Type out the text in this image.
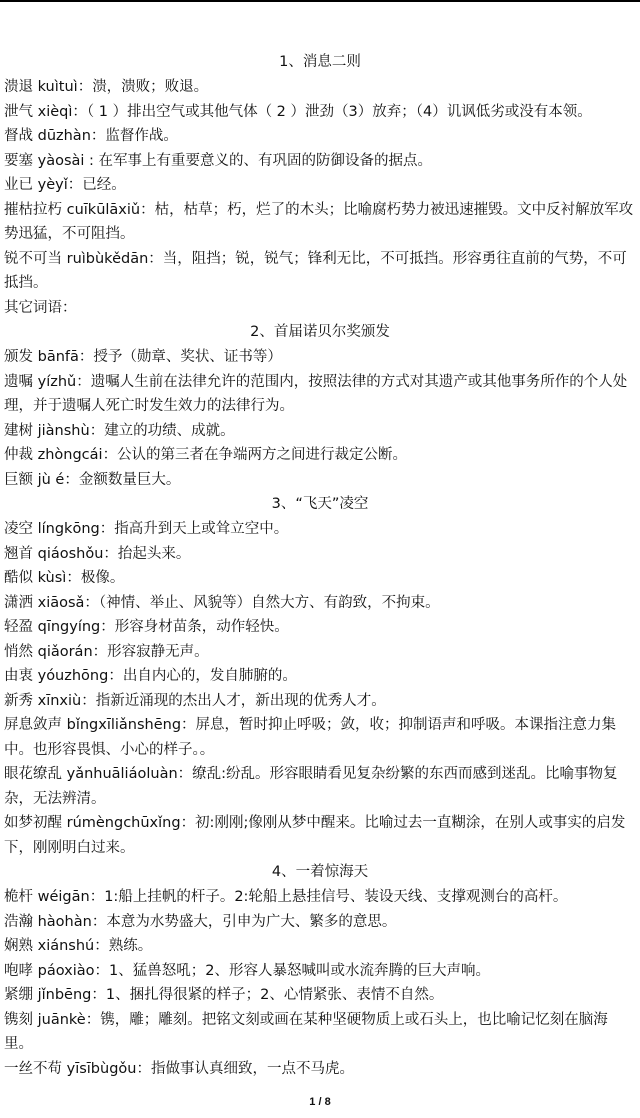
1、消息二则

溃退 kuìtuì：溃，溃败；败退。

泄气 xièqì：（ 1 ）排出空气或其他气体（ 2 ）泄劲（3）放弃；（4）讥讽低劣或没有本领。

督战 dūzhàn：监督作战。

要塞 yàosài : 在军事上有重要意义的、有巩固的防御设备的据点。

业已 yèyǐ：已经。

摧枯拉朽 cuīkūlāxiǔ：枯，枯草；朽，烂了的木头；比喻腐朽势力被迅速摧毁。文中反衬解放军攻势迅猛，不可阻挡。

锐不可当 ruìbùkědān：当，阻挡；锐，锐气；锋利无比，不可抵挡。形容勇往直前的气势，不可抵挡。

其它词语：

2、首届诺贝尔奖颁发

颁发 bānfā：授予（勋章、奖状、证书等）

遗嘱 yízhǔ：遗嘱人生前在法律允许的范围内，按照法律的方式对其遗产或其他事务所作的个人处理，并于遗嘱人死亡时发生效力的法律行为。

建树 jiànshù：建立的功绩、成就。

仲裁 zhòngcái：公认的第三者在争端两方之间进行裁定公断。

巨额 jù é：金额数量巨大。

3、“飞天”凌空

凌空 língkōng：指高升到天上或耸立空中。

翘首 qiáoshǒu：抬起头来。

酷似 kùsì：极像。

潇洒 xiāosǎ：（神情、举止、风貌等）自然大方、有韵致，不拘束。

轻盈 qīngyíng：形容身材苗条，动作轻快。

悄然 qiǎorán：形容寂静无声。

由衷 yóuzhōng：出自内心的，发自肺腑的。

新秀 xīnxiù：指新近涌现的杰出人才，新出现的优秀人才。

屏息敛声 bǐngxīliǎnshēng：屏息，暂时抑止呼吸；敛，收；抑制语声和呼吸。本课指注意力集中。也形容畏惧、小心的样子。。

眼花缭乱 yǎnhuāliáoluàn：缭乱:纷乱。形容眼睛看见复杂纷繁的东西而感到迷乱。比喻事物复杂，无法辨清。

如梦初醒 rúmèngchūxǐng：初:刚刚;像刚从梦中醒来。比喻过去一直糊涂，在别人或事实的启发下，刚刚明白过来。

4、一着惊海天

桅杆 wéigān：1:船上挂帆的杆子。2:轮船上悬挂信号、装设天线、支撑观测台的高杆。

浩瀚 hàohàn：本意为水势盛大，引申为广大、繁多的意思。

娴熟 xiánshú：熟练。

咆哮 páoxiào：1、猛兽怒吼；2、形容人暴怒喊叫或水流奔腾的巨大声响。

紧绷 jǐnbēng：1、捆扎得很紧的样子；2、心情紧张、表情不自然。

镌刻 juānkè：镌，雕；雕刻。把铭文刻或画在某种坚硬物质上或石头上，也比喻记忆刻在脑海里。

一丝不苟 yīsībùgǒu：指做事认真细致，一点不马虎。

1 / 8
